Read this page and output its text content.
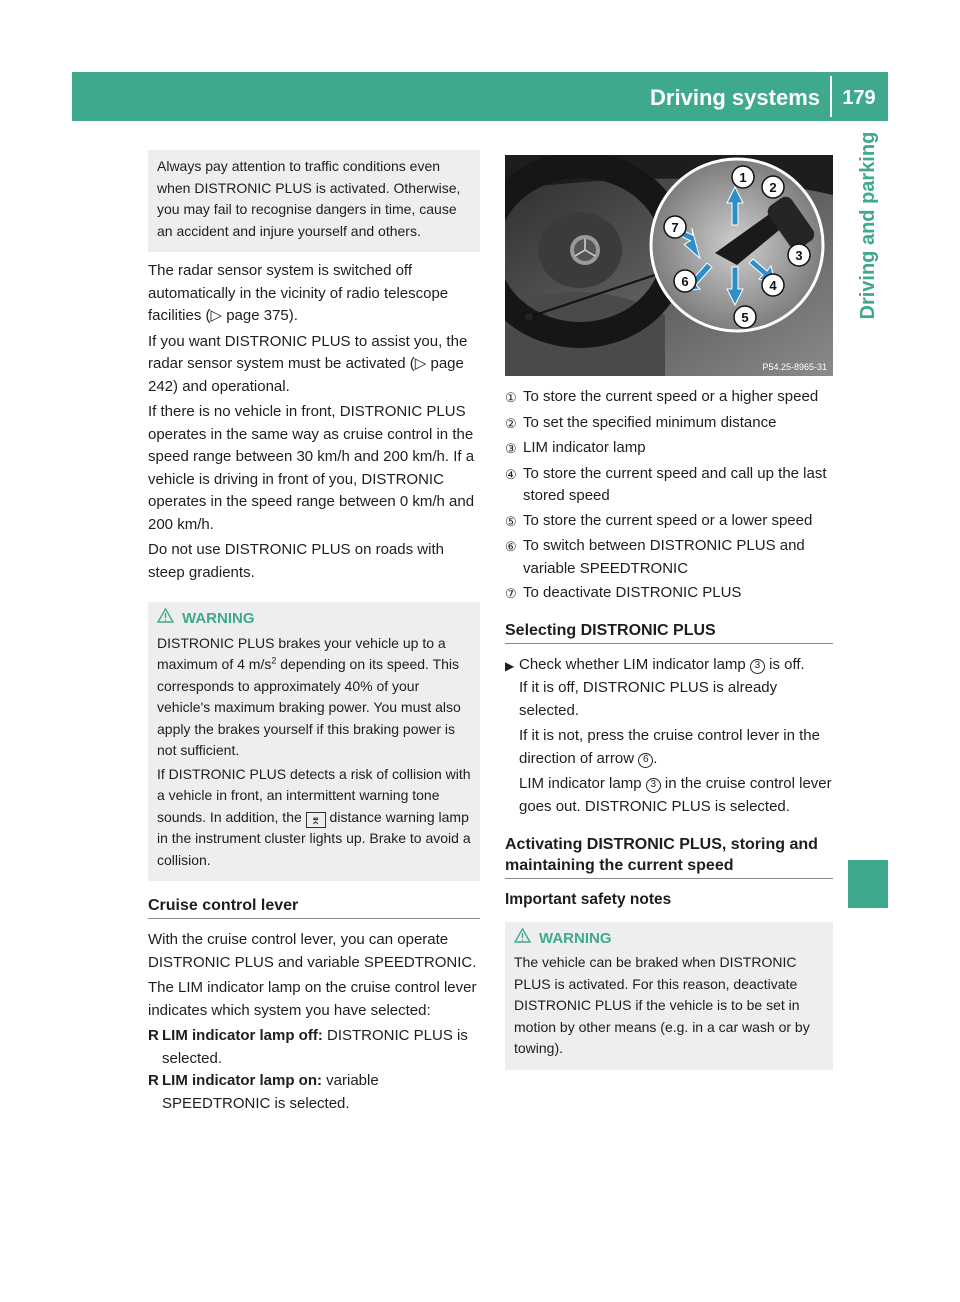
Driving systems	179
Driving and parking

Always pay attention to traffic conditions even when DISTRONIC PLUS is activated. Otherwise, you may fail to recognise dangers in time, cause an accident and injure yourself and others.

The radar sensor system is switched off automatically in the vicinity of radio telescope facilities (▷ page 375).

If you want DISTRONIC PLUS to assist you, the radar sensor system must be activated (▷ page 242) and operational.

If there is no vehicle in front, DISTRONIC PLUS operates in the same way as cruise control in the speed range between 30 km/h and 200 km/h. If a vehicle is driving in front of you, DISTRONIC operates in the speed range between 0 km/h and 200 km/h.

Do not use DISTRONIC PLUS on roads with steep gradients.

WARNING

DISTRONIC PLUS brakes your vehicle up to a maximum of 4 $m/s^2$ depending on its speed. This corresponds to approximately 40% of your vehicle's maximum braking power. You must also apply the brakes yourself if this braking power is not sufficient.

If DISTRONIC PLUS detects a risk of collision with a vehicle in front, an intermittent warning tone sounds. In addition, the ⌆ distance warning lamp in the instrument cluster lights up. Brake to avoid a collision.

Cruise control lever

With the cruise control lever, you can operate DISTRONIC PLUS and variable SPEEDTRONIC.

The LIM indicator lamp on the cruise control lever indicates which system you have selected:

R LIM indicator lamp off: DISTRONIC PLUS is selected.
R LIM indicator lamp on: variable SPEEDTRONIC is selected.
1
2
3
4
5
6
7
P54.25-8965-31
① To store the current speed or a higher speed
② To set the specified minimum distance
③ LIM indicator lamp
④ To store the current speed and call up the last stored speed
⑤ To store the current speed or a lower speed
⑥ To switch between DISTRONIC PLUS and variable SPEEDTRONIC
⑦ To deactivate DISTRONIC PLUS
Selecting DISTRONIC PLUS
▶ Check whether LIM indicator lamp 3 is off.

If it is off, DISTRONIC PLUS is already selected.

If it is not, press the cruise control lever in the direction of arrow 6 .

LIM indicator lamp 3 in the cruise control lever goes out. DISTRONIC PLUS is selected.

Activating DISTRONIC PLUS, storing and maintaining the current speed
Important safety notes
WARNING

The vehicle can be braked when DISTRONIC PLUS is activated. For this reason, deactivate DISTRONIC PLUS if the vehicle is to be set in motion by other means (e.g. in a car wash or by towing).
